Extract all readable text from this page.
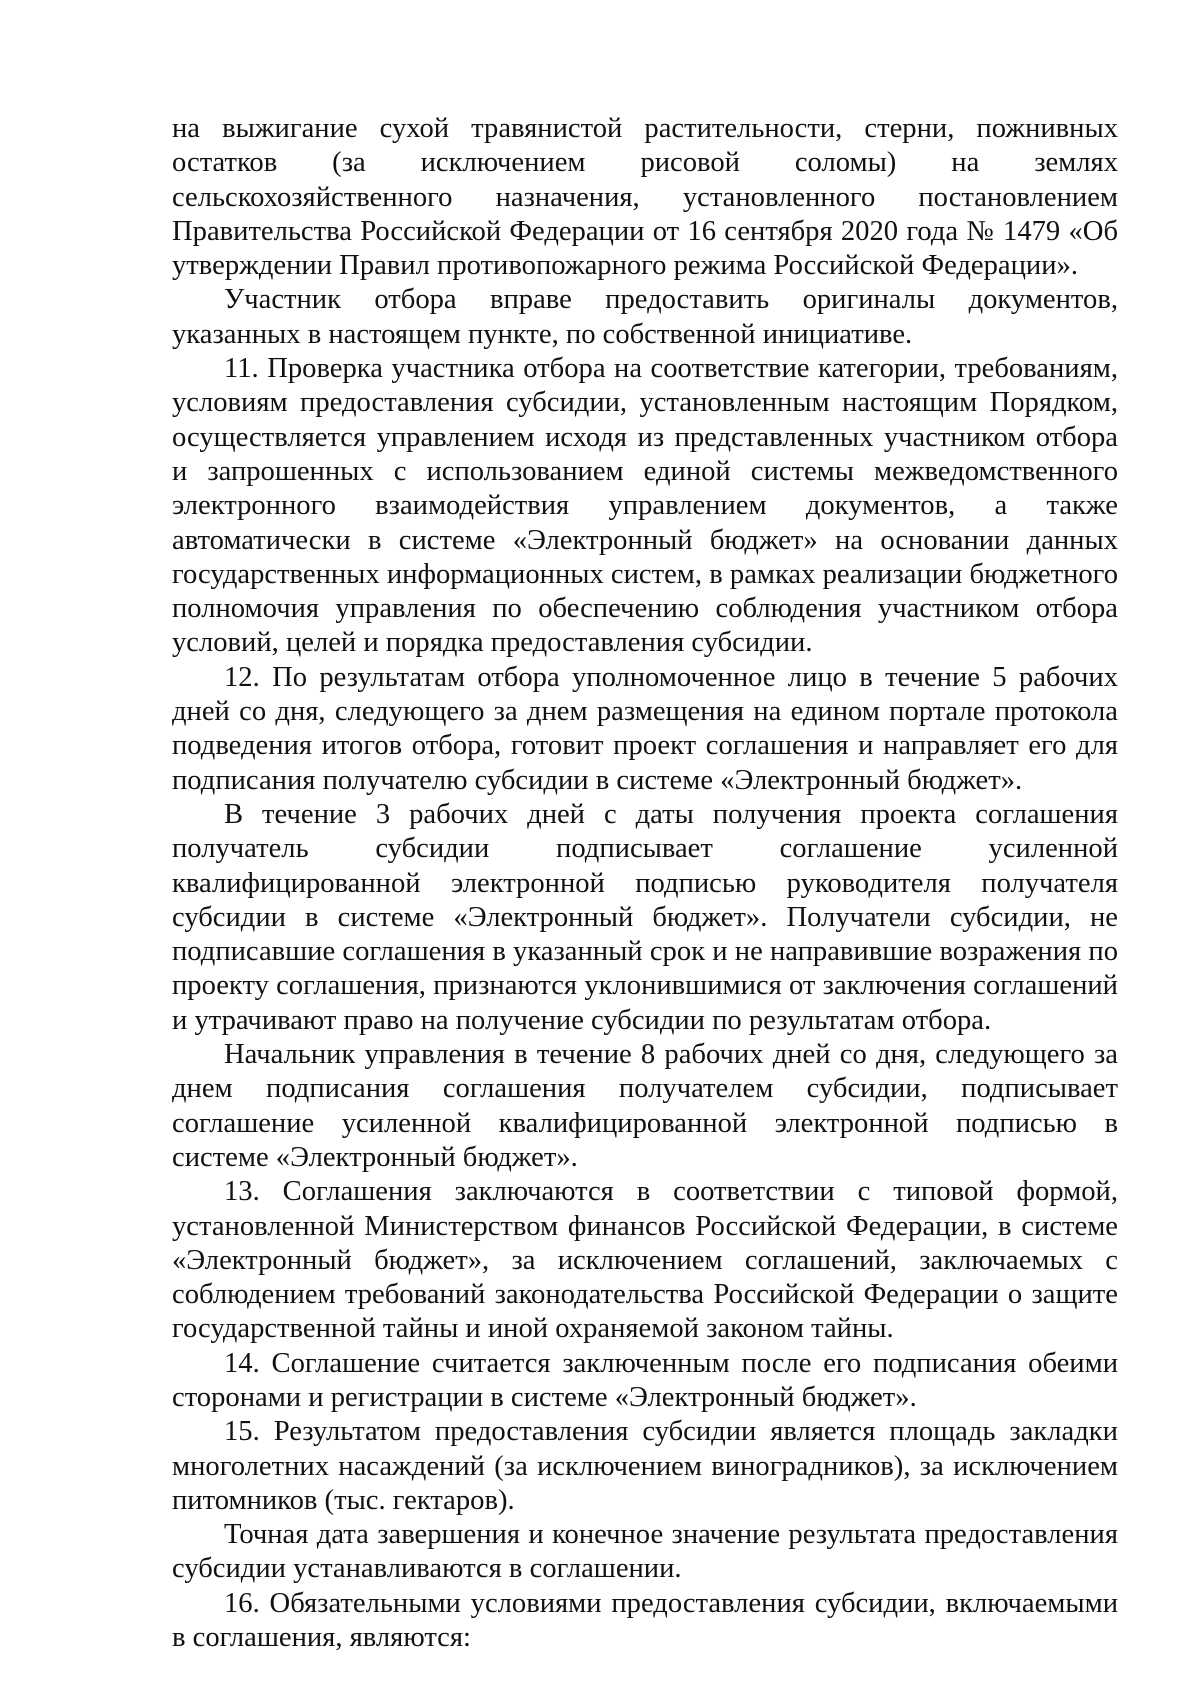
на выжигание сухой травянистой растительности, стерни, пожнивных остатков (за исключением рисовой соломы) на землях сельскохозяйственного назначения, установленного постановлением Правительства Российской Федерации от 16 сентября 2020 года № 1479 «Об утверждении Правил противопожарного режима Российской Федерации».

Участник отбора вправе предоставить оригиналы документов, указанных в настоящем пункте, по собственной инициативе.

11. Проверка участника отбора на соответствие категории, требованиям, условиям предоставления субсидии, установленным настоящим Порядком, осуществляется управлением исходя из представленных участником отбора и запрошенных с использованием единой системы межведомственного электронного взаимодействия управлением документов, а также автоматически в системе «Электронный бюджет» на основании данных государственных информационных систем, в рамках реализации бюджетного полномочия управления по обеспечению соблюдения участником отбора условий, целей и порядка предоставления субсидии.

12. По результатам отбора уполномоченное лицо в течение 5 рабочих дней со дня, следующего за днем размещения на едином портале протокола подведения итогов отбора, готовит проект соглашения и направляет его для подписания получателю субсидии в системе «Электронный бюджет».

В течение 3 рабочих дней с даты получения проекта соглашения получатель субсидии подписывает соглашение усиленной квалифицированной электронной подписью руководителя получателя субсидии в системе «Электронный бюджет». Получатели субсидии, не подписавшие соглашения в указанный срок и не направившие возражения по проекту соглашения, признаются уклонившимися от заключения соглашений и утрачивают право на получение субсидии по результатам отбора.

Начальник управления в течение 8 рабочих дней со дня, следующего за днем подписания соглашения получателем субсидии, подписывает соглашение усиленной квалифицированной электронной подписью в системе «Электронный бюджет».

13. Соглашения заключаются в соответствии с типовой формой, установленной Министерством финансов Российской Федерации, в системе «Электронный бюджет», за исключением соглашений, заключаемых с соблюдением требований законодательства Российской Федерации о защите государственной тайны и иной охраняемой законом тайны.

14. Соглашение считается заключенным после его подписания обеими сторонами и регистрации в системе «Электронный бюджет».

15. Результатом предоставления субсидии является площадь закладки многолетних насаждений (за исключением виноградников), за исключением питомников (тыс. гектаров).

Точная дата завершения и конечное значение результата предоставления субсидии устанавливаются в соглашении.

16. Обязательными условиями предоставления субсидии, включаемыми в соглашения, являются:
